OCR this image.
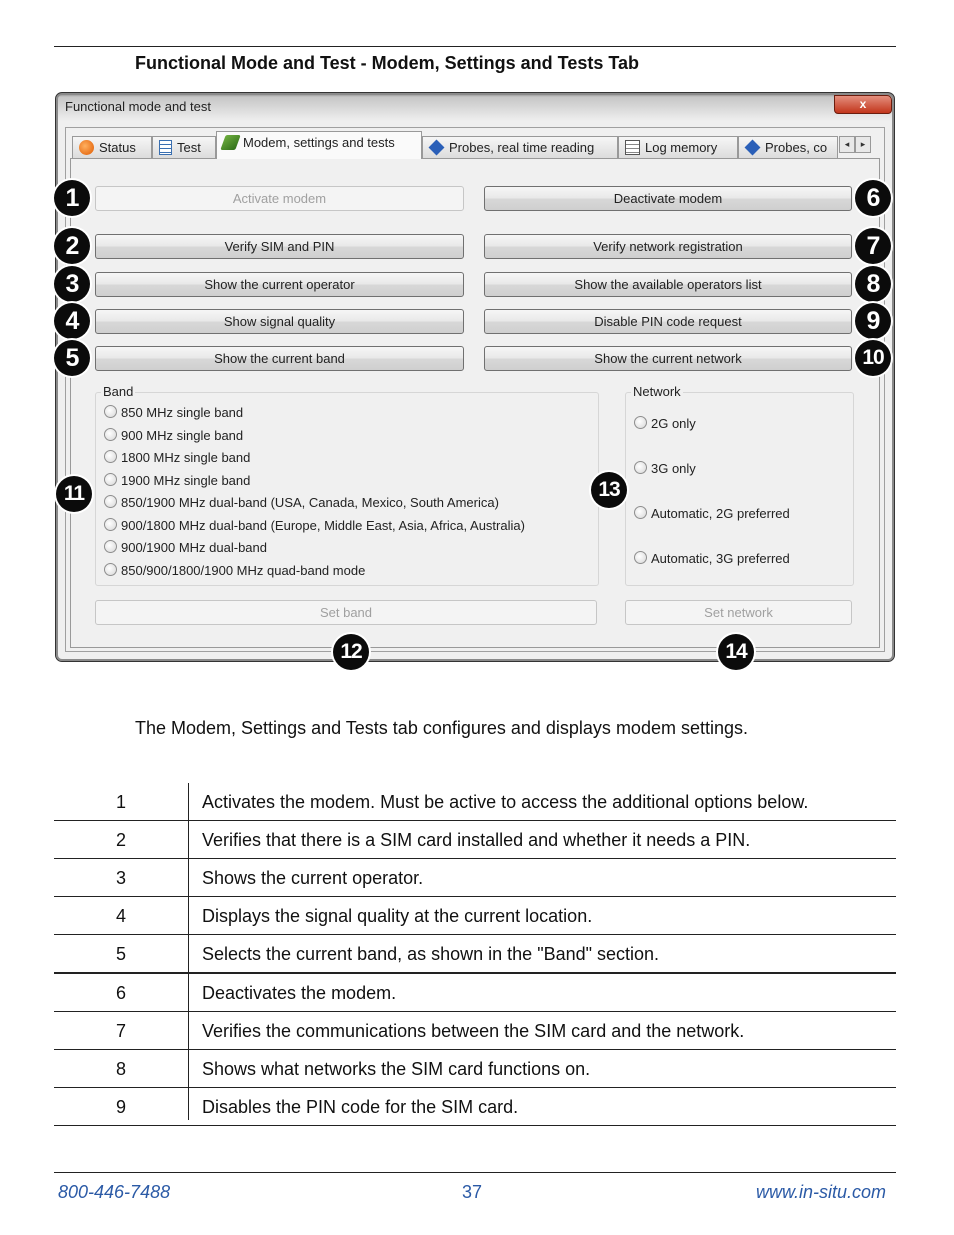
Functional Mode and Test - Modem, Settings and Tests Tab
Functional mode and test	x
Status	Test	Modem, settings and tests	Probes, real time reading	Log memory	Probes, co	◂	▸
Activate modem	Deactivate modem
Verify SIM and PIN	Verify network registration
Show the current operator	Show the available operators list
Show signal quality	Disable PIN code request
Show the current band	Show the current network
Band
850 MHz single band
900 MHz single band
1800 MHz single band
1900 MHz single band
850/1900 MHz dual-band (USA, Canada, Mexico, South America)
900/1800 MHz dual-band (Europe, Middle East, Asia, Africa, Australia)
900/1900 MHz dual-band
850/900/1800/1900 MHz quad-band mode
Network
2G only
3G only
Automatic, 2G preferred
Automatic, 3G preferred
Set band	Set network
1
2
3
4
5
6
7
8
9
10
11
12
13
14
The Modem, Settings and Tests tab configures and displays modem settings.
1	Activates the modem. Must be active to access the additional options below.
2	Verifies that there is a SIM card installed and whether it needs a PIN.
3	Shows the current operator.
4	Displays the signal quality at the current location.
5	Selects the current band, as shown in the "Band" section.
6	Deactivates the modem.
7	Verifies the communications between the SIM card and the network.
8	Shows what networks the SIM card functions on.
9	Disables the PIN code for the SIM card.
800-446-7488	37	www.in-situ.com
